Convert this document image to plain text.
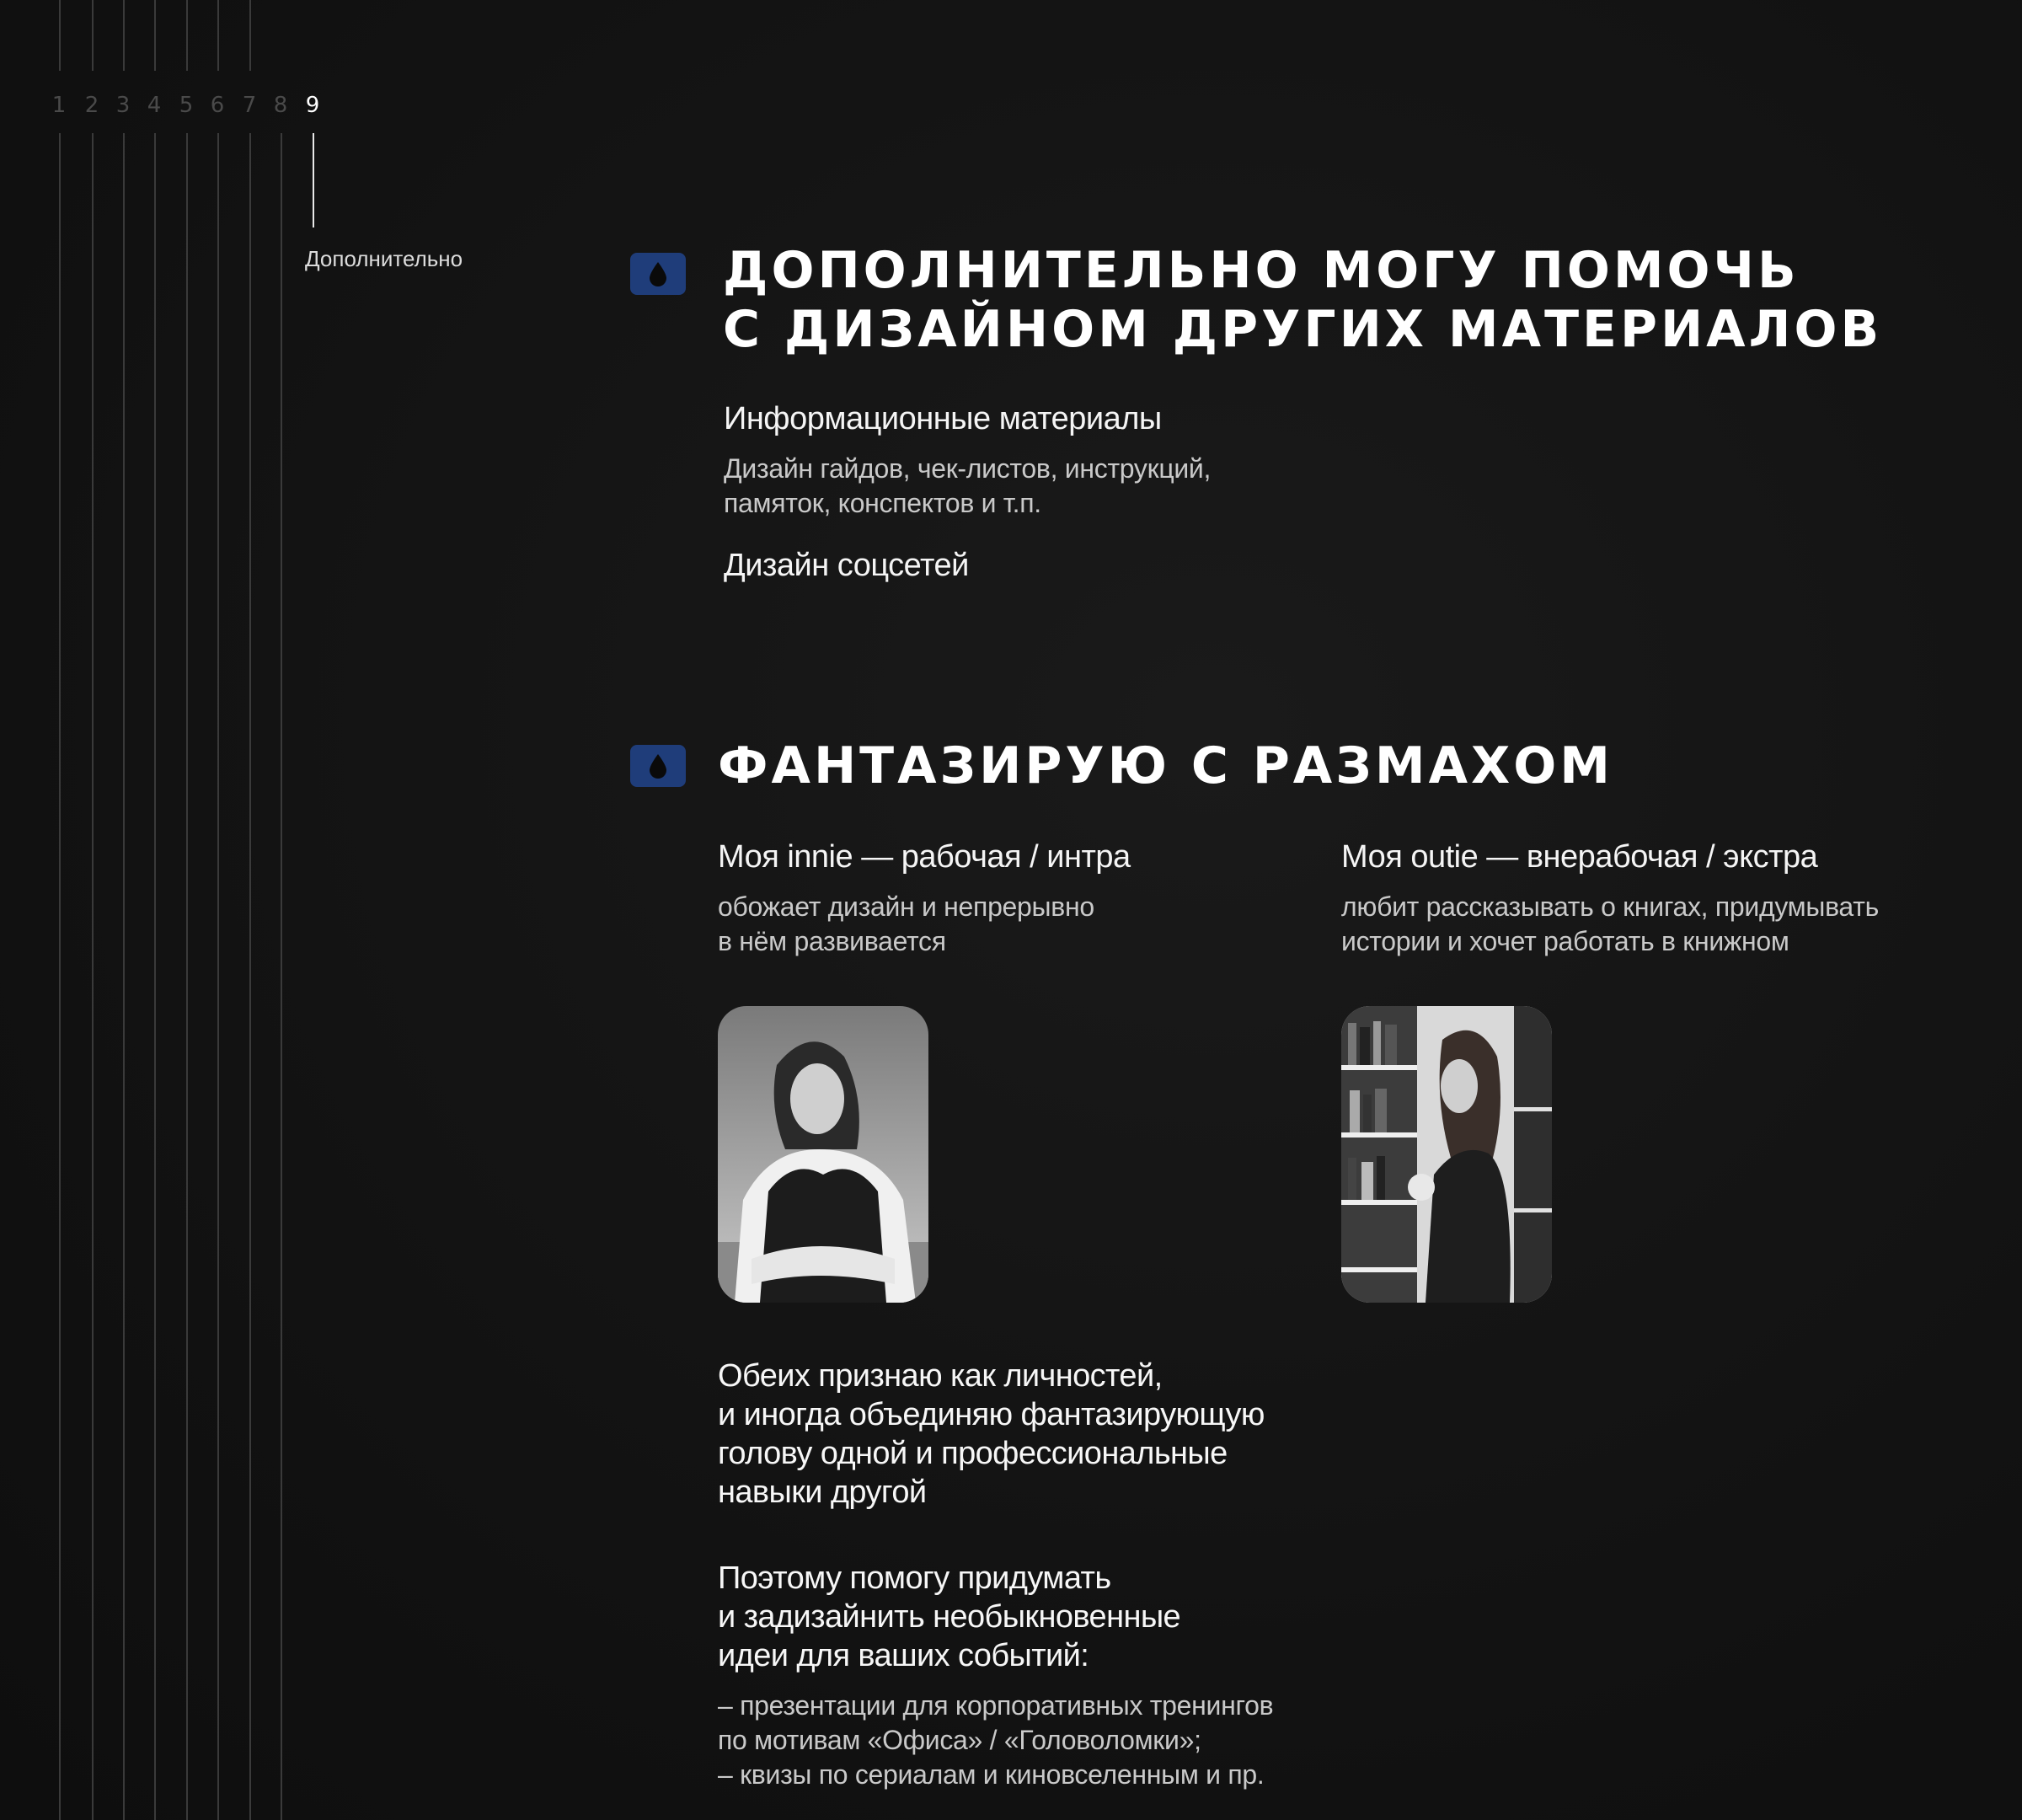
1 2 3 4 5 6 7 8 9
Дополнительно	ДОПОЛНИТЕЛЬНО МОГУ ПОМОЧЬ
С ДИЗАЙНОМ ДРУГИХ МАТЕРИАЛОВ
Информационные материалы
Дизайн гайдов, чек-листов, инструкций,
памяток, конспектов и т.п.
Дизайн соцсетей
ФАНТАЗИРУЮ С РАЗМАХОМ
Моя innie — рабочая / интра
обожает дизайн и непрерывно
в нём развивается
Моя outie — внерабочая / экстра
любит рассказывать о книгах, придумывать
истории и хочет работать в книжном
Обеих признаю как личностей,
и иногда объединяю фантазирующую
голову одной и профессиональные
навыки другой
Поэтому помогу придумать
и задизайнить необыкновенные
идеи для ваших событий:
– презентации для корпоративных тренингов
по мотивам «Офиса» / «Головоломки»;
– квизы по сериалам и киновселенным и пр.
